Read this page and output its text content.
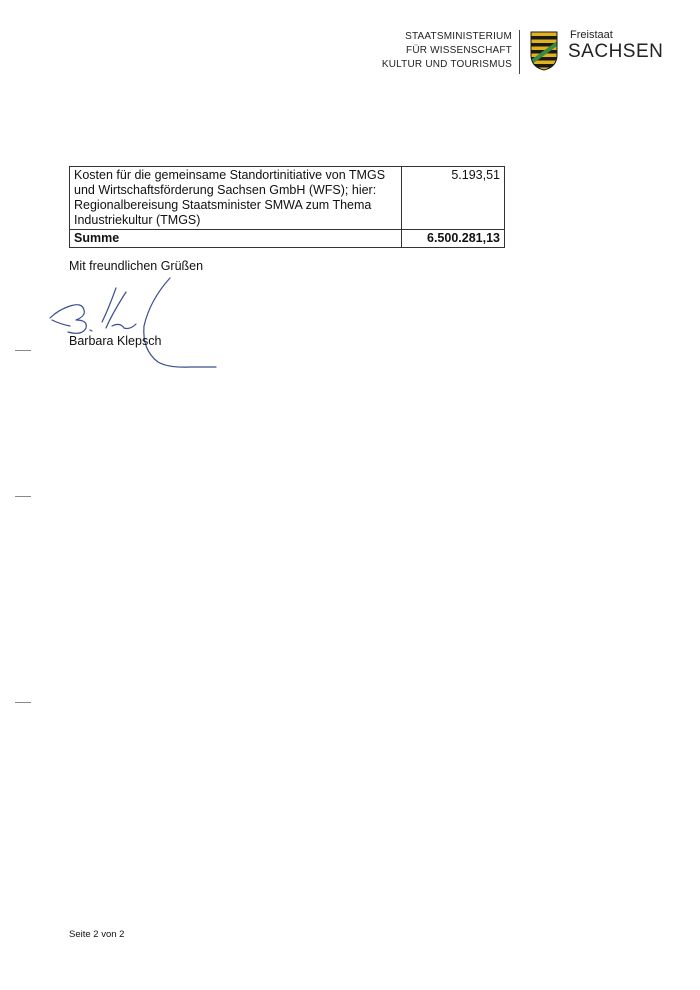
STAATSMINISTERIUM
FÜR WISSENSCHAFT
KULTUR UND TOURISMUS
Freistaat
SACHSEN
Kosten für die gemeinsame Standortinitiative von TMGS und Wirtschaftsförderung Sachsen GmbH (WFS); hier: Regionalbereisung Staatsminister SMWA zum Thema Industriekultur (TMGS)	5.193,51
Summe	6.500.281,13
Mit freundlichen Grüßen
Barbara Klepsch
Seite 2 von 2
